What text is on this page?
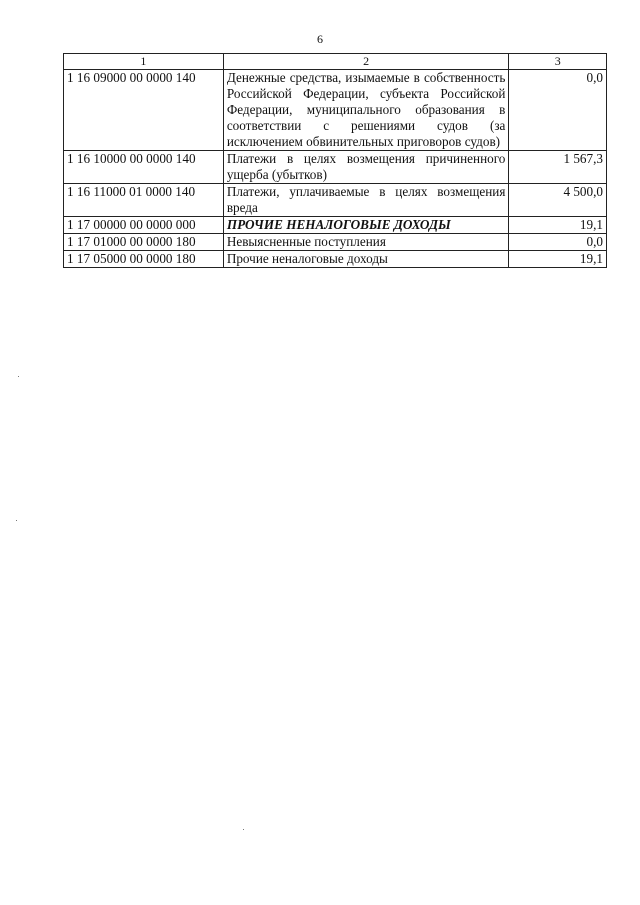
6
1	2	3
1 16 09000 00 0000 140	Денежные средства, изымаемые в собственность Российской Федерации, субъекта Российской Федерации, муниципального образования в соответствии с решениями судов (за исключением обвинительных приговоров судов)	0,0
1 16 10000 00 0000 140	Платежи в целях возмещения причиненного ущерба (убытков)	1 567,3
1 16 11000 01 0000 140	Платежи, уплачиваемые в целях возмещения вреда	4 500,0
1 17 00000 00 0000 000	ПРОЧИЕ НЕНАЛОГОВЫЕ ДОХОДЫ	19,1
1 17 01000 00 0000 180	Невыясненные поступления	0,0
1 17 05000 00 0000 180	Прочие неналоговые доходы	19,1
